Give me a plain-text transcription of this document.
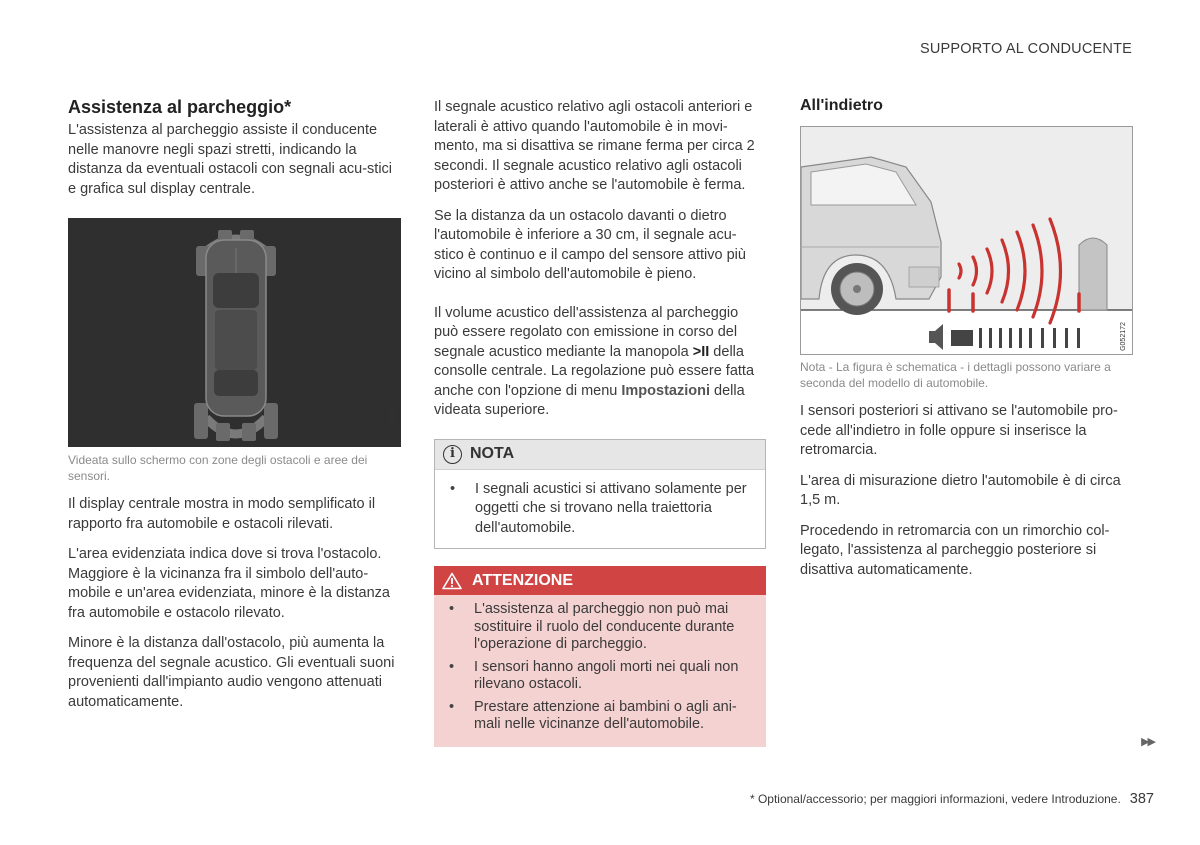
SUPPORTO AL CONDUCENTE
Assistenza al parcheggio*

L'assistenza al parcheggio assiste il conducente nelle manovre negli spazi stretti, indicando la distanza da eventuali ostacoli con segnali acu-stici e grafica sul display centrale.

G052177
Videata sullo schermo con zone degli ostacoli e aree dei sensori.

Il display centrale mostra in modo semplificato il rapporto fra automobile e ostacoli rilevati.

L'area evidenziata indica dove si trova l'ostacolo. Maggiore è la vicinanza fra il simbolo dell'auto-mobile e un'area evidenziata, minore è la distanza fra automobile e ostacolo rilevato.

Minore è la distanza dall'ostacolo, più aumenta la frequenza del segnale acustico. Gli eventuali suoni provenienti dall'impianto audio vengono attenuati automaticamente.

Il segnale acustico relativo agli ostacoli anteriori e laterali è attivo quando l'automobile è in movi-mento, ma si disattiva se rimane ferma per circa 2 secondi. Il segnale acustico relativo agli ostacoli posteriori è attivo anche se l'automobile è ferma.

Se la distanza da un ostacolo davanti o dietro l'automobile è inferiore a 30 cm, il segnale acu-stico è continuo e il campo del sensore attivo più vicino al simbolo dell'automobile è pieno.

Il volume acustico dell'assistenza al parcheggio può essere regolato con emissione in corso del segnale acustico mediante la manopola >II della consolle centrale. La regolazione può essere fatta anche con l'opzione di menu Impostazioni della videata superiore.

i NOTA
• I segnali acustici si attivano solamente per oggetti che si trovano nella traiettoria dell'automobile.
ATTENZIONE
• L'assistenza al parcheggio non può mai sostituire il ruolo del conducente durante l'operazione di parcheggio.
• I sensori hanno angoli morti nei quali non rilevano ostacoli.
• Prestare attenzione ai bambini o agli ani-mali nelle vicinanze dell'automobile.
All'indietro
G052172
Nota - La figura è schematica - i dettagli possono variare a seconda del modello di automobile.

I sensori posteriori si attivano se l'automobile pro-cede all'indietro in folle oppure si inserisce la retromarcia.

L'area di misurazione dietro l'automobile è di circa 1,5 m.

Procedendo in retromarcia con un rimorchio col-legato, l'assistenza al parcheggio posteriore si disattiva automaticamente.

▶▶
* Optional/accessorio; per maggiori informazioni, vedere Introduzione. 387
